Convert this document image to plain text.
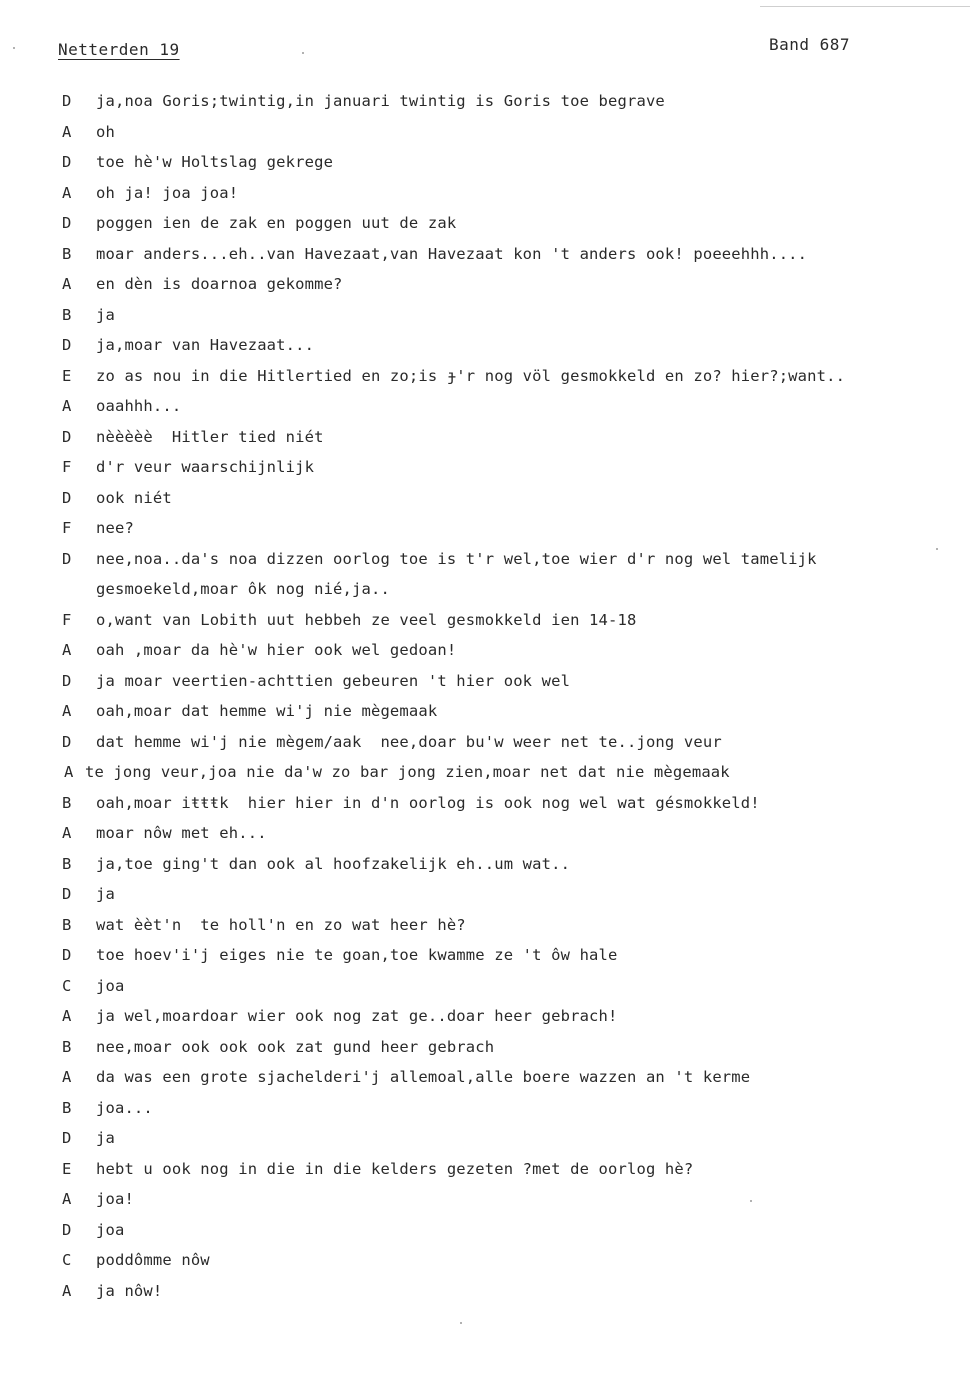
Netterden 19	Band 687
D ja,noa Goris;twintig,in januari twintig is Goris toe begrave
A oh
D toe hè'w Holtslag gekrege
A oh ja! joa joa!
D poggen ien de zak en poggen uut de zak
B moar anders...eh..van Havezaat,van Havezaat kon 't anders ook! poeeehhh....
A en dèn is doarnoa gekomme?
B ja
D ja,moar van Havezaat...
E zo as nou in die Hitlertied en zo;is ɟ'r nog völ gesmokkeld en zo? hier?;want..
A oaahhh...
D nèèèèè  Hitler tied niét
F d'r veur waarschijnlijk
D ook niét
F nee?
D nee,noa..da's noa dizzen oorlog toe is t'r wel,toe wier d'r nog wel tamelijk
gesmoekeld,moar ôk nog nié,ja..
F o,want van Lobith uut hebbeh ze veel gesmokkeld ien 14-18
A oah ,moar da hè'w hier ook wel gedoan!
D ja moar veertien-achttien gebeuren 't hier ook wel
A oah,moar dat hemme wi'j nie mègemaak
D dat hemme wi'j nie mègem/aak  nee,doar bu'w weer net te..jong veur
A te jong veur,joa nie da'w zo bar jong zien,moar net dat nie mègemaak
B oah,moar iŧŧŧk  hier hier in d'n oorlog is ook nog wel wat gésmokkeld!
A moar nôw met eh...
B ja,toe ging't dan ook al hoofzakelijk eh..um wat..
D ja
B wat èèt'n  te holl'n en zo wat heer hè?
D toe hoev'i'j eiges nie te goan,toe kwamme ze 't ôw hale
C joa
A ja wel,moardoar wier ook nog zat ge..doar heer gebrach!
B nee,moar ook ook ook zat gund heer gebrach
A da was een grote sjachelderi'j allemoal,alle boere wazzen an 't kerme
B joa...
D ja
E hebt u ook nog in die in die kelders gezeten ?met de oorlog hè?
A joa!
D joa
C poddômme nôw
A ja nôw!
